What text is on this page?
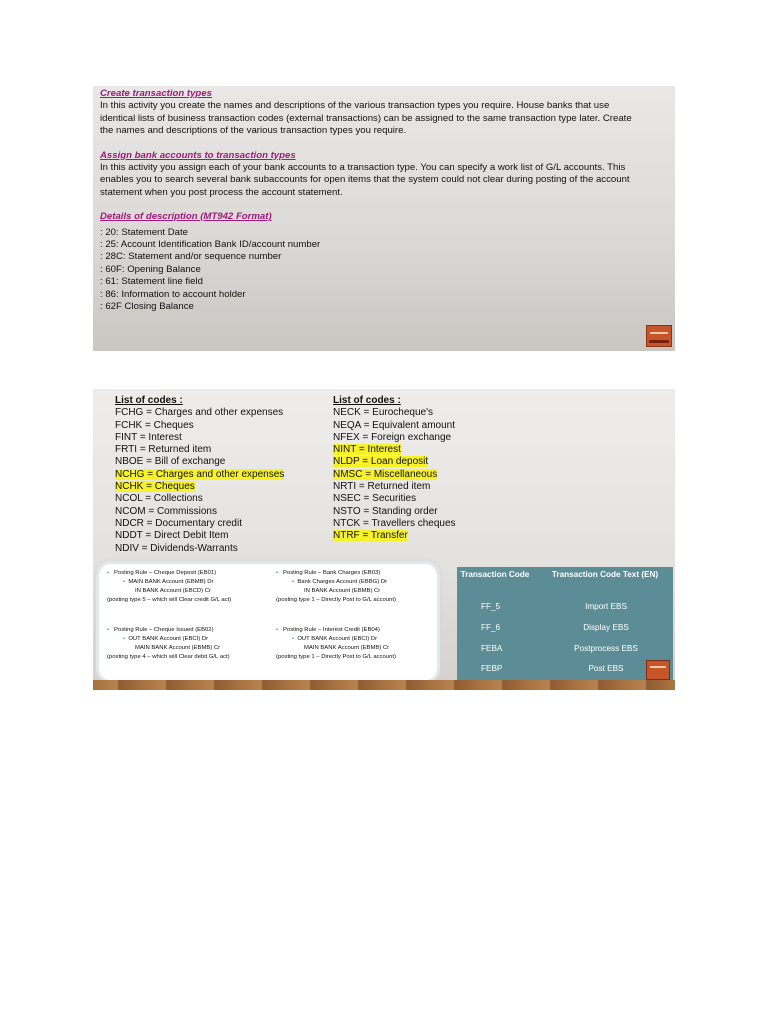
Create transaction types
In this activity you create the names and descriptions of the various transaction types you require. House banks that use identical lists of business transaction codes (external transactions) can be assigned to the same transaction type later. Create the names and descriptions of the various transaction types you require.
Assign bank accounts to transaction types
In this activity you assign each of your bank accounts to a transaction type. You can specify a work list of G/L accounts. This enables you to search several bank subaccounts for open items that the system could not clear during posting of the account statement when you post process the account statement.
Details of description (MT942 Format)
: 20: Statement Date
: 25: Account Identification Bank ID/account number
: 28C: Statement and/or sequence number
: 60F: Opening Balance
: 61: Statement line field
: 86: Information to account holder
: 62F Closing Balance
List of codes :
FCHG = Charges and other expenses
FCHK = Cheques
FINT = Interest
FRTI = Returned item
NBOE = Bill of exchange
NCHG = Charges and other expenses
NCHK = Cheques
NCOL = Collections
NCOM = Commissions
NDCR = Documentary credit
NDDT = Direct Debit Item
NDIV = Dividends-Warrants
List of codes :
NECK = Eurocheque's
NEQA = Equivalent amount
NFEX = Foreign exchange
NINT = Interest
NLDP = Loan deposit
NMSC = Miscellaneous
NRTI = Returned item
NSEC = Securities
NSTO = Standing order
NTCK = Travellers cheques
NTRF = Transfer
• Posting Rule – Cheque Deposit (EB01)
• MAIN BANK Account (EBMB) Dr
IN BANK Account (EBCD) Cr
(posting type 5 – which will Clear credit G/L act)
• Posting Rule – Bank Charges (EB03)
• Bank Charges Account (EBBG) Dr
IN BANK Account (EBMB) Cr
(posting type 1 – Directly Post to G/L account)
• Posting Rule – Cheque Issued (EB02)
• OUT BANK Account (EBCI) Dr
MAIN BANK Account (EBMB) Cr
(posting type 4 – which will Clear debit G/L act)
• Posting Rule – Interest Credit (EB04)
• OUT BANK Account (EBCI) Dr
MAIN BANK Account (EBMB) Cr
(posting type 1 – Directly Post to G/L account)
Transaction Code	Transaction Code Text (EN)
FF_5	Import EBS
FF_6	Display EBS
FEBA	Postprocess EBS
FEBP	Post EBS
